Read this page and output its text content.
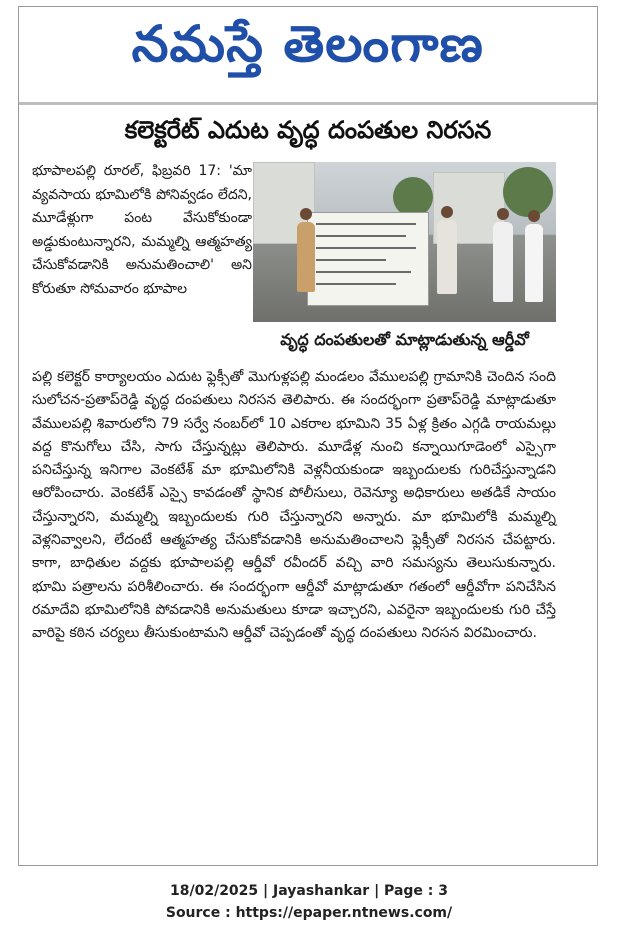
నమస్తే తెలంగాణ
కలెక్టరేట్ ఎదుట వృద్ధ దంపతుల నిరసన
భూపాలపల్లి రూరల్, ఫిబ్రవరి 17: 'మా వ్యవసాయ భూమిలోకి పోనివ్వడం లేదని, మూడేళ్లుగా పంట వేసుకోకుండా అడ్డుకుంటున్నారని, మమ్మల్ని ఆత్మహత్య చేసుకోవడానికి అనుమతించాలి' అని కోరుతూ సోమవారం భూపాల
వృద్ధ దంపతులతో మాట్లాడుతున్న ఆర్డీవో
పల్లి కలెక్టర్ కార్యాలయం ఎదుట ఫ్లెక్సీతో మొగుళ్లపల్లి మండలం వేములపల్లి గ్రామానికి చెందిన సంది సులోచన-ప్రతాప్‌రెడ్డి వృద్ధ దంపతులు నిరసన తెలిపారు. ఈ సందర్భంగా ప్రతాప్‌రెడ్డి మాట్లాడుతూ వేములపల్లి శివారులోని 79 సర్వే నంబర్‌లో 10 ఎకరాల భూమిని 35 ఏళ్ల క్రితం ఎగ్గడి రాయమల్లు వద్ద కొనుగోలు చేసి, సాగు చేస్తున్నట్లు తెలిపారు. మూడేళ్ల నుంచి కన్నాయిగూడెంలో ఎస్సైగా పనిచేస్తున్న ఇనిగాల వెంకటేశ్ మా భూమిలోనికి వెళ్లనీయకుండా ఇబ్బందులకు గురిచేస్తున్నాడని ఆరోపించారు. వెంకటేశ్ ఎస్సై కావడంతో స్థానిక పోలీసులు, రెవెన్యూ అధికారులు అతడికే సాయం చేస్తున్నారని, మమ్మల్ని ఇబ్బందులకు గురి చేస్తున్నారని అన్నారు. మా భూమిలోకి మమ్మల్ని వెళ్లనివ్వాలని, లేదంటే ఆత్మహత్య చేసుకోవడానికి అనుమతించాలని ఫ్లెక్సీతో నిరసన చేపట్టారు. కాగా, బాధితుల వద్దకు భూపాలపల్లి ఆర్డీవో రవీందర్ వచ్చి వారి సమస్యను తెలుసుకున్నారు. భూమి పత్రాలను పరిశీలించారు. ఈ సందర్భంగా ఆర్డీవో మాట్లాడుతూ గతంలో ఆర్డీవోగా పనిచేసిన రమాదేవి భూమిలోనికి పోవడానికి అనుమతులు కూడా ఇచ్చారని, ఎవరైనా ఇబ్బందులకు గురి చేస్తే వారిపై కఠిన చర్యలు తీసుకుంటామని ఆర్డీవో చెప్పడంతో వృద్ధ దంపతులు నిరసన విరమించారు.
18/02/2025 | Jayashankar | Page : 3
Source : https://epaper.ntnews.com/
